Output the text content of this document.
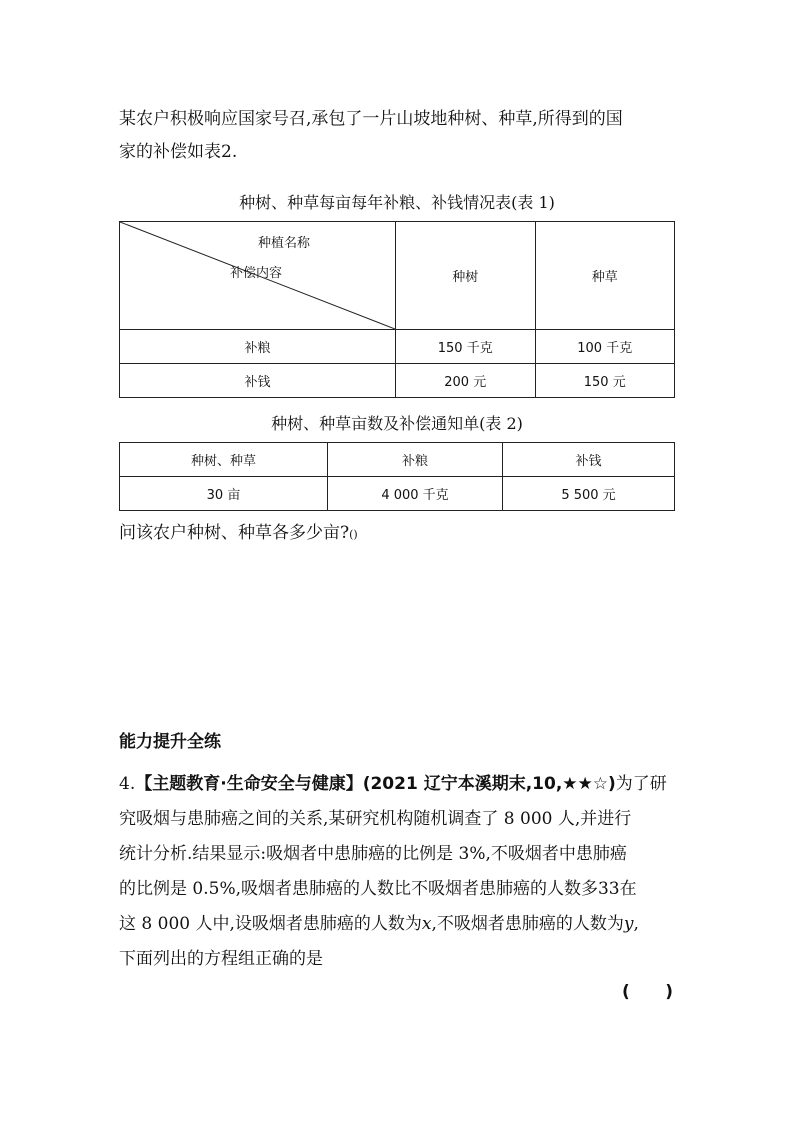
某农户积极响应国家号召,承包了一片山坡地种树、种草,所得到的国
家的补偿如表2.
种树、种草每亩每年补粮、补钱情况表(表 1)
种植名称
补偿内容	种树	种草
补粮	150 千克	100 千克
补钱	200 元	150 元
种树、种草亩数及补偿通知单(表 2)
种树、种草	补粮	补钱
30 亩	4 000 千克	5 500 元
问该农户种树、种草各多少亩?()
能力提升全练
4.【主题教育·生命安全与健康】(2021 辽宁本溪期末,10,★★☆)为了研
究吸烟与患肺癌之间的关系,某研究机构随机调查了 8 000 人,并进行
统计分析.结果显示:吸烟者中患肺癌的比例是 3%,不吸烟者中患肺癌
的比例是 0.5%,吸烟者患肺癌的人数比不吸烟者患肺癌的人数多33在
这 8 000 人中,设吸烟者患肺癌的人数为x,不吸烟者患肺癌的人数为y,
下面列出的方程组正确的是
(      )
